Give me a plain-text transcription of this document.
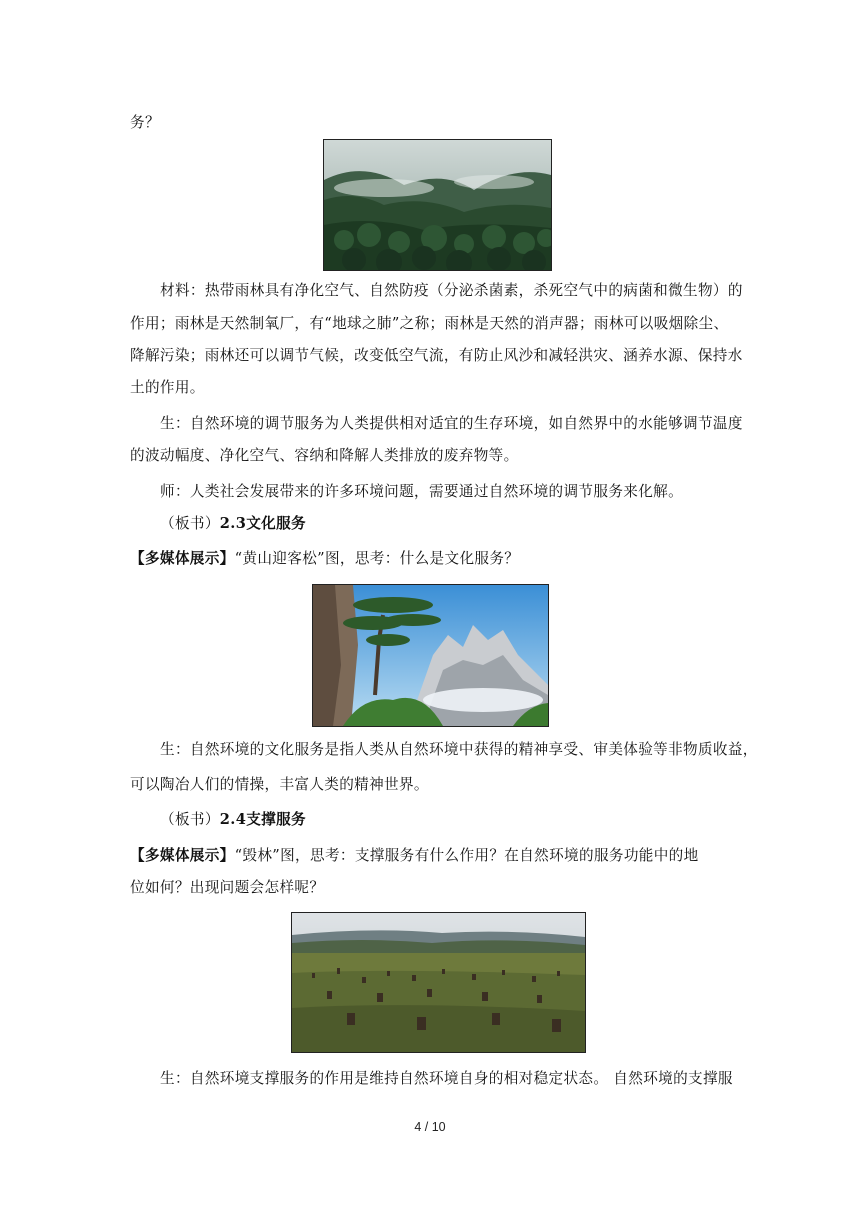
务？
材料：热带雨林具有净化空气、自然防疫（分泌杀菌素，杀死空气中的病菌和微生物）的
作用；雨林是天然制氧厂，有“地球之肺”之称；雨林是天然的消声器；雨林可以吸烟除尘、
降解污染；雨林还可以调节气候，改变低空气流，有防止风沙和减轻洪灾、涵养水源、保持水
土的作用。
生：自然环境的调节服务为人类提供相对适宜的生存环境，如自然界中的水能够调节温度
的波动幅度、净化空气、容纳和降解人类排放的废弃物等。
师：人类社会发展带来的许多环境问题，需要通过自然环境的调节服务来化解。
（板书）2.3文化服务
【多媒体展示】“黄山迎客松”图，思考：什么是文化服务？
生：自然环境的文化服务是指人类从自然环境中获得的精神享受、审美体验等非物质收益，
可以陶冶人们的情操，丰富人类的精神世界。
（板书）2.4支撑服务
【多媒体展示】“毁林”图，思考：支撑服务有什么作用？在自然环境的服务功能中的地
位如何？出现问题会怎样呢？
生：自然环境支撑服务的作用是维持自然环境自身的相对稳定状态。 自然环境的支撑服
4 / 10
